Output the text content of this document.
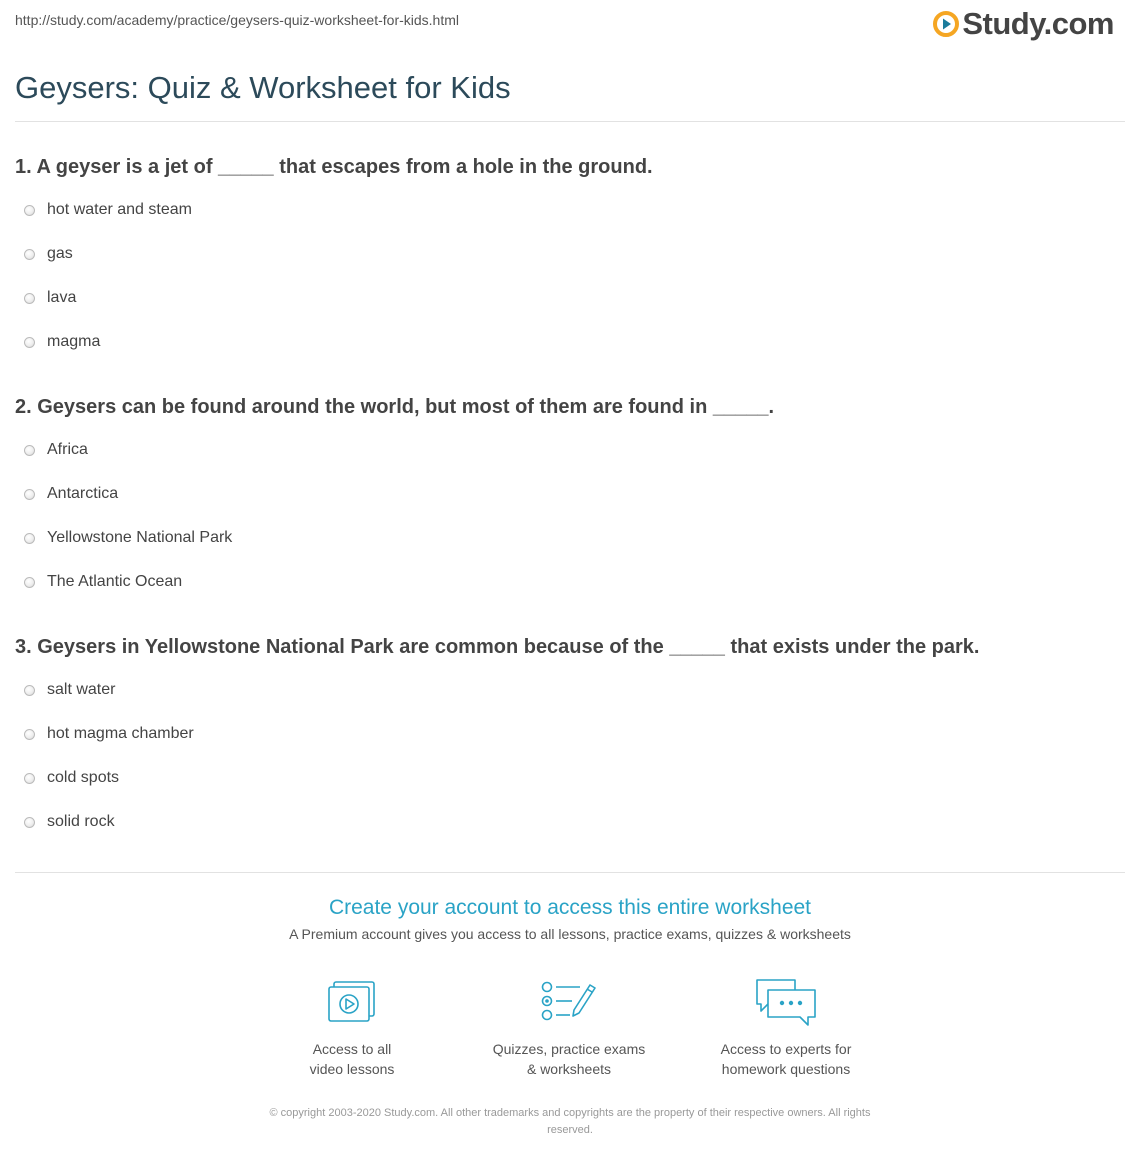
http://study.com/academy/practice/geysers-quiz-worksheet-for-kids.html	Study.com
Geysers: Quiz & Worksheet for Kids
1. A geyser is a jet of _____ that escapes from a hole in the ground.
hot water and steam
gas
lava
magma
2. Geysers can be found around the world, but most of them are found in _____.
Africa
Antarctica
Yellowstone National Park
The Atlantic Ocean
3. Geysers in Yellowstone National Park are common because of the _____ that exists under the park.
salt water
hot magma chamber
cold spots
solid rock
Create your account to access this entire worksheet
A Premium account gives you access to all lessons, practice exams, quizzes & worksheets
Access to all
video lessons
Quizzes, practice exams
& worksheets
Access to experts for
homework questions
© copyright 2003-2020 Study.com. All other trademarks and copyrights are the property of their respective owners. All rights
reserved.
